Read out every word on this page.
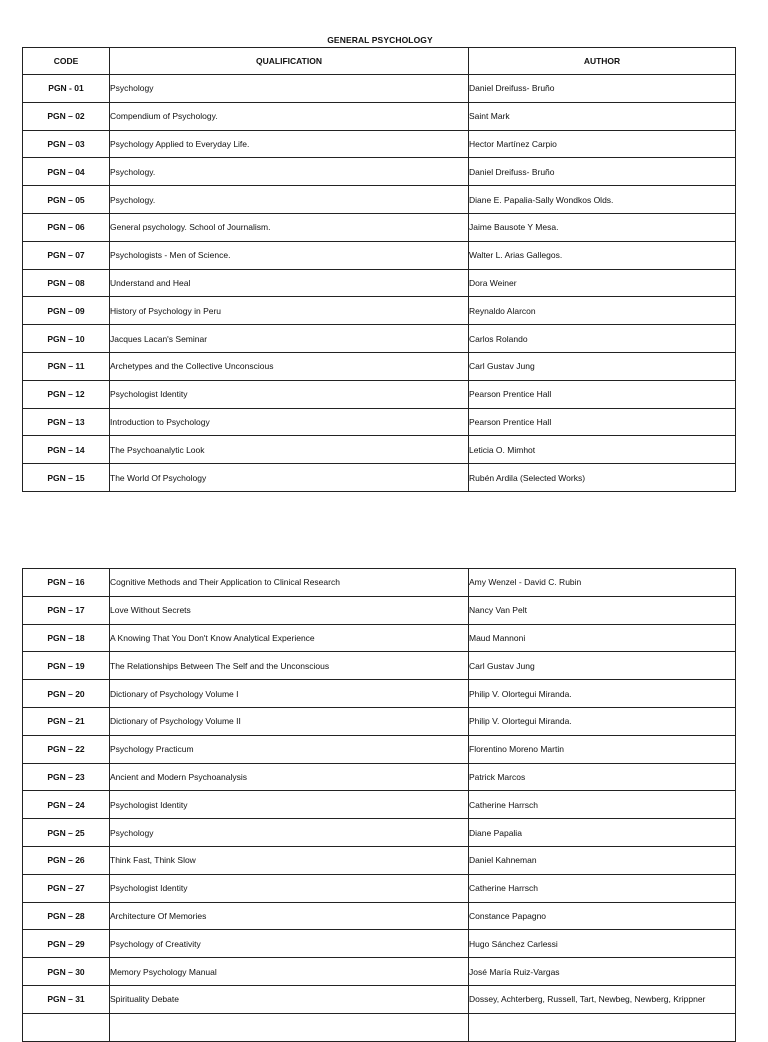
GENERAL PSYCHOLOGY
CODE	QUALIFICATION	AUTHOR
PGN - 01	Psychology	Daniel Dreifuss- Bruño
PGN – 02	Compendium of Psychology.	Saint Mark
PGN – 03	Psychology Applied to Everyday Life.	Hector Martínez Carpio
PGN – 04	Psychology.	Daniel Dreifuss- Bruño
PGN – 05	Psychology.	Diane E. Papalia-Sally Wondkos Olds.
PGN – 06	General psychology. School of Journalism.	Jaime Bausote Y Mesa.
PGN – 07	Psychologists - Men of Science.	Walter L. Arias Gallegos.
PGN – 08	Understand and Heal	Dora Weiner
PGN – 09	History of Psychology in Peru	Reynaldo Alarcon
PGN – 10	Jacques Lacan's Seminar	Carlos Rolando
PGN – 11	Archetypes and the Collective Unconscious	Carl Gustav Jung
PGN – 12	Psychologist Identity	Pearson Prentice Hall
PGN – 13	Introduction to Psychology	Pearson Prentice Hall
PGN – 14	The Psychoanalytic Look	Leticia O. Mimhot
PGN – 15	The World Of Psychology	Rubén Ardila (Selected Works)
PGN – 16	Cognitive Methods and Their Application to Clinical Research	Amy Wenzel - David C. Rubin
PGN – 17	Love Without Secrets	Nancy Van Pelt
PGN – 18	A Knowing That You Don't Know Analytical Experience	Maud Mannoni
PGN – 19	The Relationships Between The Self and the Unconscious	Carl Gustav Jung
PGN – 20	Dictionary of Psychology Volume I	Philip V. Olortegui Miranda.
PGN – 21	Dictionary of Psychology Volume II	Philip V. Olortegui Miranda.
PGN – 22	Psychology Practicum	Florentino Moreno Martin
PGN – 23	Ancient and Modern Psychoanalysis	Patrick Marcos
PGN – 24	Psychologist Identity	Catherine Harrsch
PGN – 25	Psychology	Diane Papalia
PGN – 26	Think Fast, Think Slow	Daniel Kahneman
PGN – 27	Psychologist Identity	Catherine Harrsch
PGN – 28	Architecture Of Memories	Constance Papagno
PGN – 29	Psychology of Creativity	Hugo Sánchez Carlessi
PGN – 30	Memory Psychology Manual	José María Ruiz-Vargas
PGN – 31	Spirituality Debate	Dossey, Achterberg, Russell, Tart, Newbeg, Newberg, Krippner
